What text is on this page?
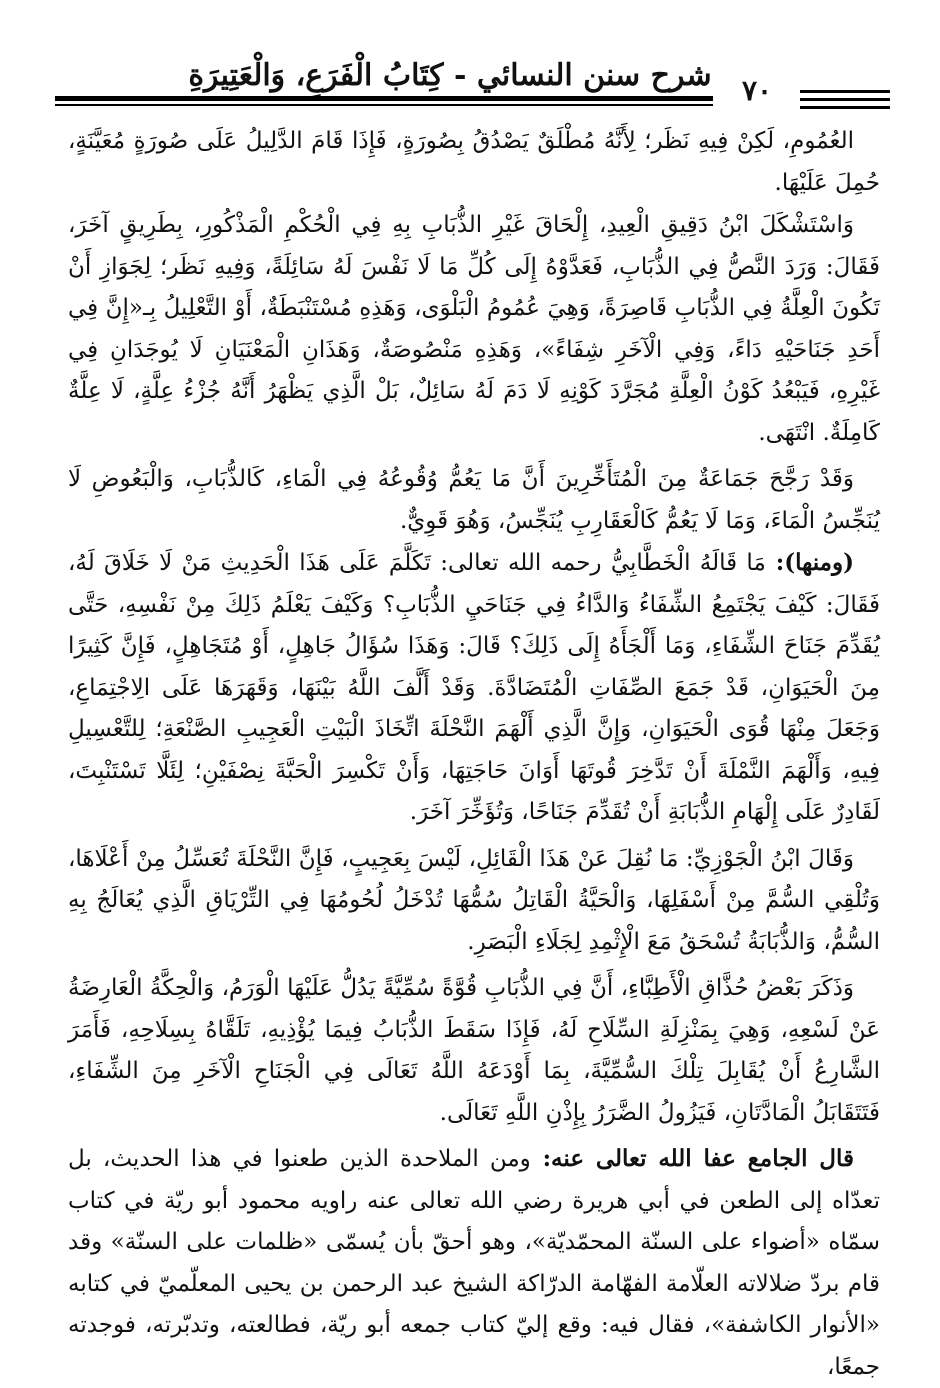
شرح سنن النسائي - كِتَابُ الْفَرَعِ، وَالْعَتِيرَةِ	٧٠

العُمُومِ، لَكِنْ فِيهِ نَظَر؛ لِأَنَّهُ مُطْلَقٌ يَصْدُقُ بِصُورَةٍ، فَإِذَا قَامَ الدَّلِيلُ عَلَى صُورَةٍ مُعَيَّنَةٍ، حُمِلَ عَلَيْهَا.

وَاسْتَشْكَلَ ابْنُ دَقِيقِ الْعِيدِ، إِلْحَاقَ غَيْرِ الذُّبَابِ بِهِ فِي الْحُكْمِ الْمَذْكُورِ، بِطَرِيقٍ آخَرَ، فَقَالَ: وَرَدَ النَّصُّ فِي الذُّبَابِ، فَعَدَّوْهُ إِلَى كُلِّ مَا لَا نَفْسَ لَهُ سَائِلَةً، وَفِيهِ نَظَر؛ لِجَوَازِ أَنْ تَكُونَ الْعِلَّةُ فِي الذُّبَابِ قَاصِرَةً، وَهِيَ عُمُومُ الْبَلْوَى، وَهَذِهِ مُسْتَنْبَطَةٌ، أَوْ التَّعْلِيلُ بِـ«إِنَّ فِي أَحَدِ جَنَاحَيْهِ دَاءً، وَفِي الْآخَرِ شِفَاءً»، وَهَذِهِ مَنْصُوصَةٌ، وَهَذَانِ الْمَعْنَيَانِ لَا يُوجَدَانِ فِي غَيْرِهِ، فَيَبْعُدُ كَوْنُ الْعِلَّةِ مُجَرَّدَ كَوْنِهِ لَا دَمَ لَهُ سَائِلٌ، بَلْ الَّذِي يَظْهَرُ أَنَّهُ جُزْءُ عِلَّةٍ، لَا عِلَّةٌ كَامِلَةٌ. انْتَهَى.

وَقَدْ رَجَّحَ جَمَاعَةٌ مِنَ الْمُتَأَخِّرِينَ أَنَّ مَا يَعُمُّ وُقُوعُهُ فِي الْمَاءِ، كَالذُّبَابِ، وَالْبَعُوضِ لَا يُنَجِّسُ الْمَاءَ، وَمَا لَا يَعُمُّ كَالْعَقَارِبِ يُنَجِّسُ، وَهُوَ قَوِيٌّ.

(ومنها): مَا قَالَهُ الْخَطَّابِيُّ رحمه الله تعالى: تَكَلَّمَ عَلَى هَذَا الْحَدِيثِ مَنْ لَا خَلَاقَ لَهُ، فَقَالَ: كَيْفَ يَجْتَمِعُ الشِّفَاءُ وَالدَّاءُ فِي جَنَاحَيِ الذُّبَابِ؟ وَكَيْفَ يَعْلَمُ ذَلِكَ مِنْ نَفْسِهِ، حَتَّى يُقَدِّمَ جَنَاحَ الشِّفَاءِ، وَمَا أَلْجَأَهُ إِلَى ذَلِكَ؟ قَالَ: وَهَذَا سُؤَالُ جَاهِلٍ، أَوْ مُتَجَاهِلٍ، فَإِنَّ كَثِيرًا مِنَ الْحَيَوَانِ، قَدْ جَمَعَ الصِّفَاتِ الْمُتَضَادَّةَ. وَقَدْ أَلَّفَ اللَّهُ بَيْنَهَا، وَقَهَرَهَا عَلَى الِاجْتِمَاعِ، وَجَعَلَ مِنْهَا قُوَى الْحَيَوَانِ، وَإِنَّ الَّذِي أَلْهَمَ النَّحْلَةَ اتِّخَاذَ الْبَيْتِ الْعَجِيبِ الصَّنْعَةِ؛ لِلتَّعْسِيلِ فِيهِ، وَأَلْهَمَ النَّمْلَةَ أَنْ تَدَّخِرَ قُوتَهَا أَوَانَ حَاجَتِهَا، وَأَنْ تَكْسِرَ الْحَبَّةَ نِصْفَيْنِ؛ لِئَلَّا تَسْتَنْبِتَ، لَقَادِرٌ عَلَى إِلْهَامِ الذُّبَابَةِ أَنْ تُقَدِّمَ جَنَاحًا، وَتُؤَخِّرَ آخَرَ.

وَقَالَ ابْنُ الْجَوْزِيِّ: مَا نُقِلَ عَنْ هَذَا الْقَائِلِ، لَيْسَ بِعَجِيبٍ، فَإِنَّ النَّحْلَةَ تُعَسِّلُ مِنْ أَعْلَاهَا، وَتُلْقِي السُّمَّ مِنْ أَسْفَلِهَا، وَالْحَيَّةُ الْقَاتِلُ سُمُّهَا تُدْخَلُ لُحُومُهَا فِي التِّرْيَاقِ الَّذِي يُعَالَجُ بِهِ السُّمُّ، وَالذُّبَابَةُ تُسْحَقُ مَعَ الْإِثْمِدِ لِجَلَاءِ الْبَصَرِ.

وَذَكَرَ بَعْضُ حُذَّاقِ الْأَطِبَّاءِ، أَنَّ فِي الذُّبَابِ قُوَّةً سُمِّيَّةً يَدُلُّ عَلَيْهَا الْوَرَمُ، وَالْحِكَّةُ الْعَارِضَةُ عَنْ لَسْعِهِ، وَهِيَ بِمَنْزِلَةِ السِّلَاحِ لَهُ، فَإِذَا سَقَطَ الذُّبَابُ فِيمَا يُؤْذِيهِ، تَلَقَّاهُ بِسِلَاحِهِ، فَأَمَرَ الشَّارِعُ أَنْ يُقَابِلَ تِلْكَ السُّمِّيَّةَ، بِمَا أَوْدَعَهُ اللَّهُ تَعَالَى فِي الْجَنَاحِ الْآخَرِ مِنَ الشِّفَاءِ، فَتَتَقَابَلُ الْمَادَّتَانِ، فَيَزُولُ الضَّرَرُ بِإِذْنِ اللَّهِ تَعَالَى.

قال الجامع عفا الله تعالى عنه: ومن الملاحدة الذين طعنوا في هذا الحديث، بل تعدّاه إلى الطعن في أبي هريرة رضي الله تعالى عنه راويه محمود أبو ريّة في كتاب سمّاه «أضواء على السنّة المحمّديّة»، وهو أحقّ بأن يُسمّى «ظلمات على السنّة» وقد قام بردّ ضلالاته العلّامة الفهّامة الدرّاكة الشيخ عبد الرحمن بن يحيى المعلّميّ في كتابه «الأنوار الكاشفة»، فقال فيه: وقع إليّ كتاب جمعه أبو ريّة، فطالعته، وتدبّرته، فوجدته جمعًا،
